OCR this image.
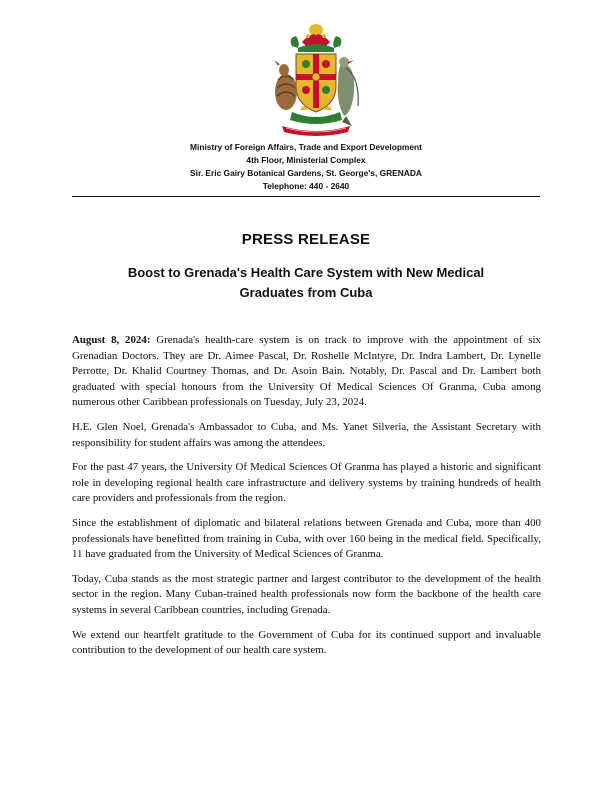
Ministry of Foreign Affairs, Trade and Export Development
4th Floor, Ministerial Complex
Sir. Eric Gairy Botanical Gardens, St. George's, GRENADA
Telephone: 440 - 2640
PRESS RELEASE
Boost to Grenada's Health Care System with New Medical
Graduates from Cuba

August 8, 2024: Grenada's health-care system is on track to improve with the appointment of six Grenadian Doctors. They are Dr. Aimee Pascal, Dr. Roshelle McIntyre, Dr. Indra Lambert, Dr. Lynelle Perrotte, Dr. Khalid Courtney Thomas, and Dr. Asoin Bain. Notably, Dr. Pascal and Dr. Lambert both graduated with special honours from the University Of Medical Sciences Of Granma, Cuba among numerous other Caribbean professionals on Tuesday, July 23, 2024.

H.E. Glen Noel, Grenada's Ambassador to Cuba, and Ms. Yanet Silveria, the Assistant Secretary with responsibility for student affairs was among the attendees.

For the past 47 years, the University Of Medical Sciences Of Granma has played a historic and significant role in developing regional health care infrastructure and delivery systems by training hundreds of health care providers and professionals from the region.

Since the establishment of diplomatic and bilateral relations between Grenada and Cuba, more than 400 professionals have benefitted from training in Cuba, with over 160 being in the medical field. Specifically, 11 have graduated from the University of Medical Sciences of Granma.

Today, Cuba stands as the most strategic partner and largest contributor to the development of the health sector in the region. Many Cuban-trained health professionals now form the backbone of the health care systems in several Caribbean countries, including Grenada.

We extend our heartfelt gratitude to the Government of Cuba for its continued support and invaluable contribution to the development of our health care system.
